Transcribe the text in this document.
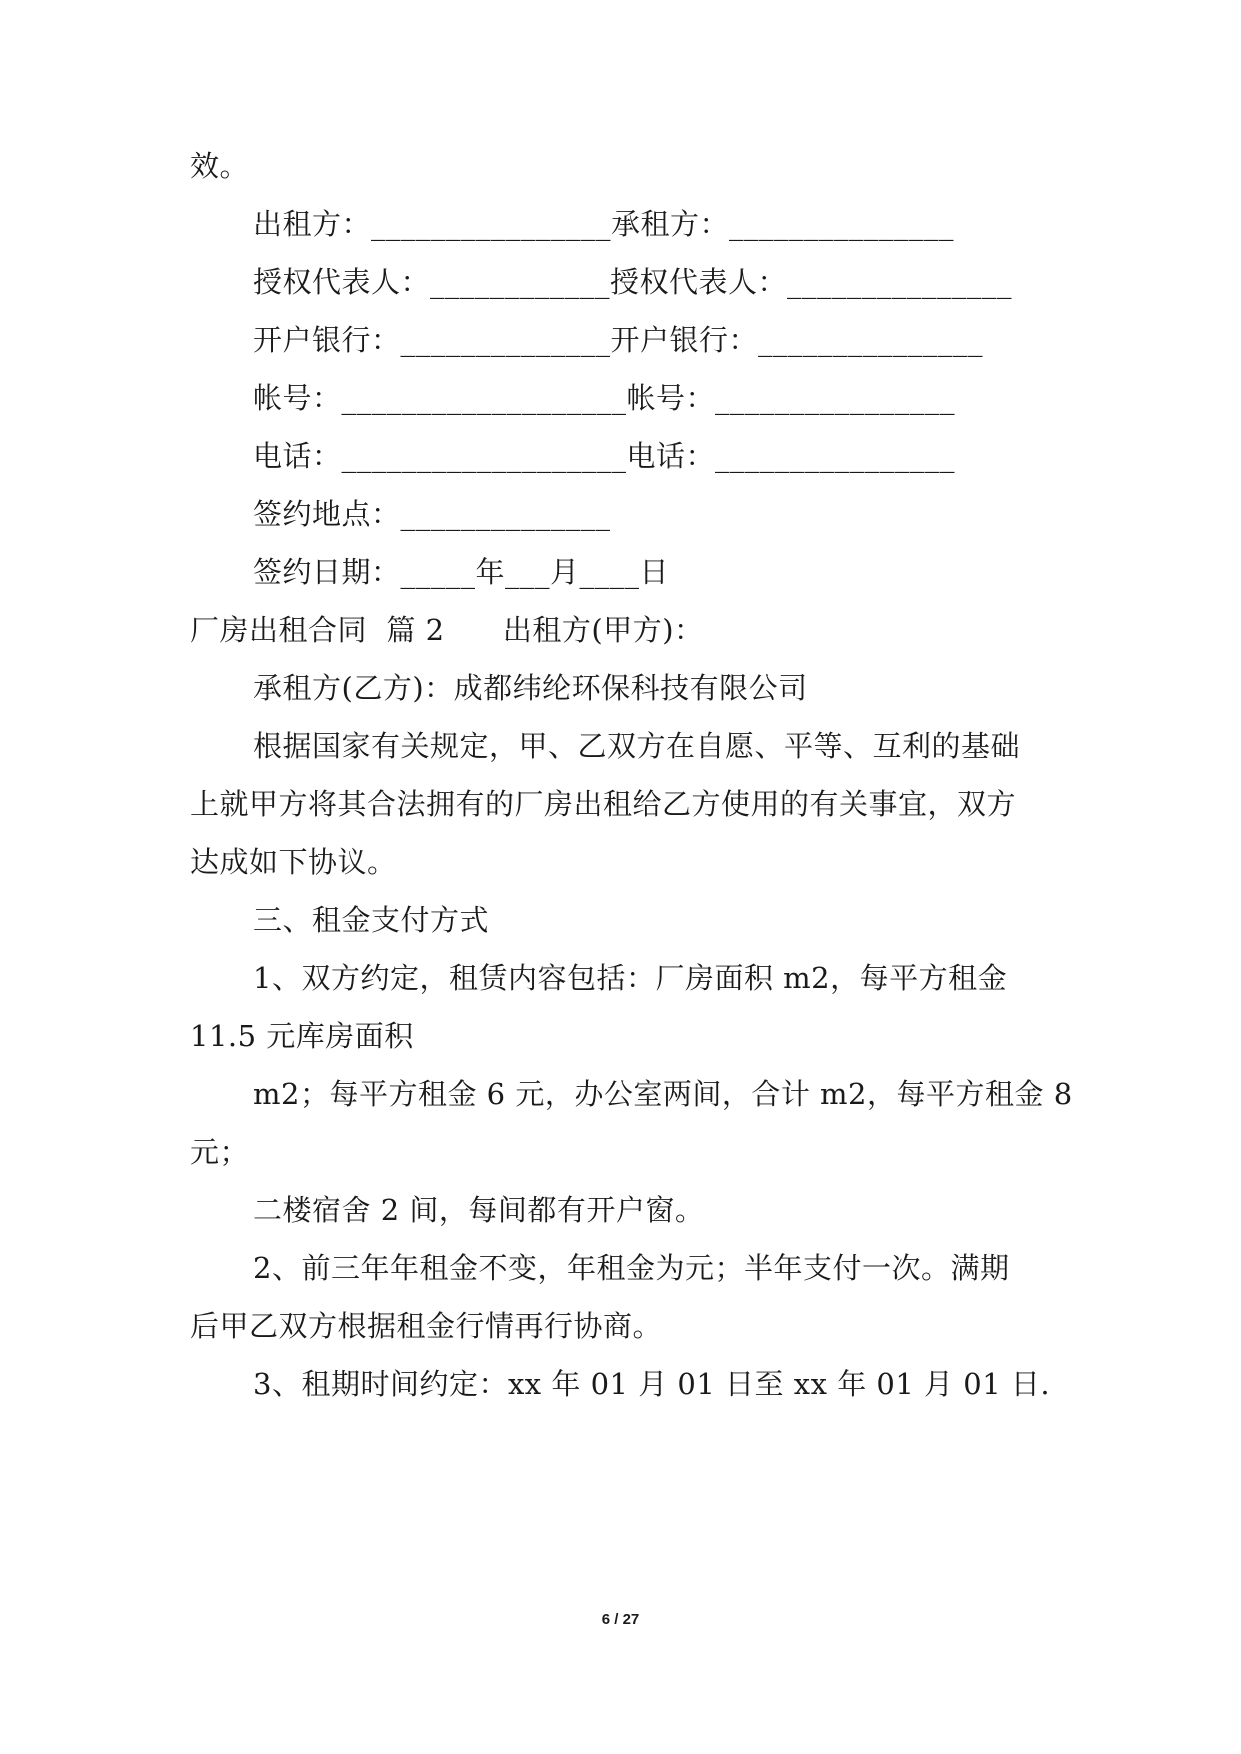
效。
出租方：________________承租方：_______________
授权代表人：____________授权代表人：_______________
开户银行：______________开户银行：_______________
帐号：___________________帐号：________________
电话：___________________电话：________________
签约地点：______________
签约日期：_____年___月____日
厂房出租合同  篇 2      出租方(甲方)：
承租方(乙方)：成都纬纶环保科技有限公司
根据国家有关规定，甲、乙双方在自愿、平等、互利的基础
上就甲方将其合法拥有的厂房出租给乙方使用的有关事宜，双方
达成如下协议。
三、租金支付方式
1、双方约定，租赁内容包括：厂房面积 m2，每平方租金
11.5 元库房面积
m2；每平方租金 6 元，办公室两间，合计 m2，每平方租金 8
元；
二楼宿舍 2 间，每间都有开户窗。
2、前三年年租金不变，年租金为元；半年支付一次。满期
后甲乙双方根据租金行情再行协商。
3、租期时间约定：xx 年 01 月 01 日至 xx 年 01 月 01 日.
6 / 27
